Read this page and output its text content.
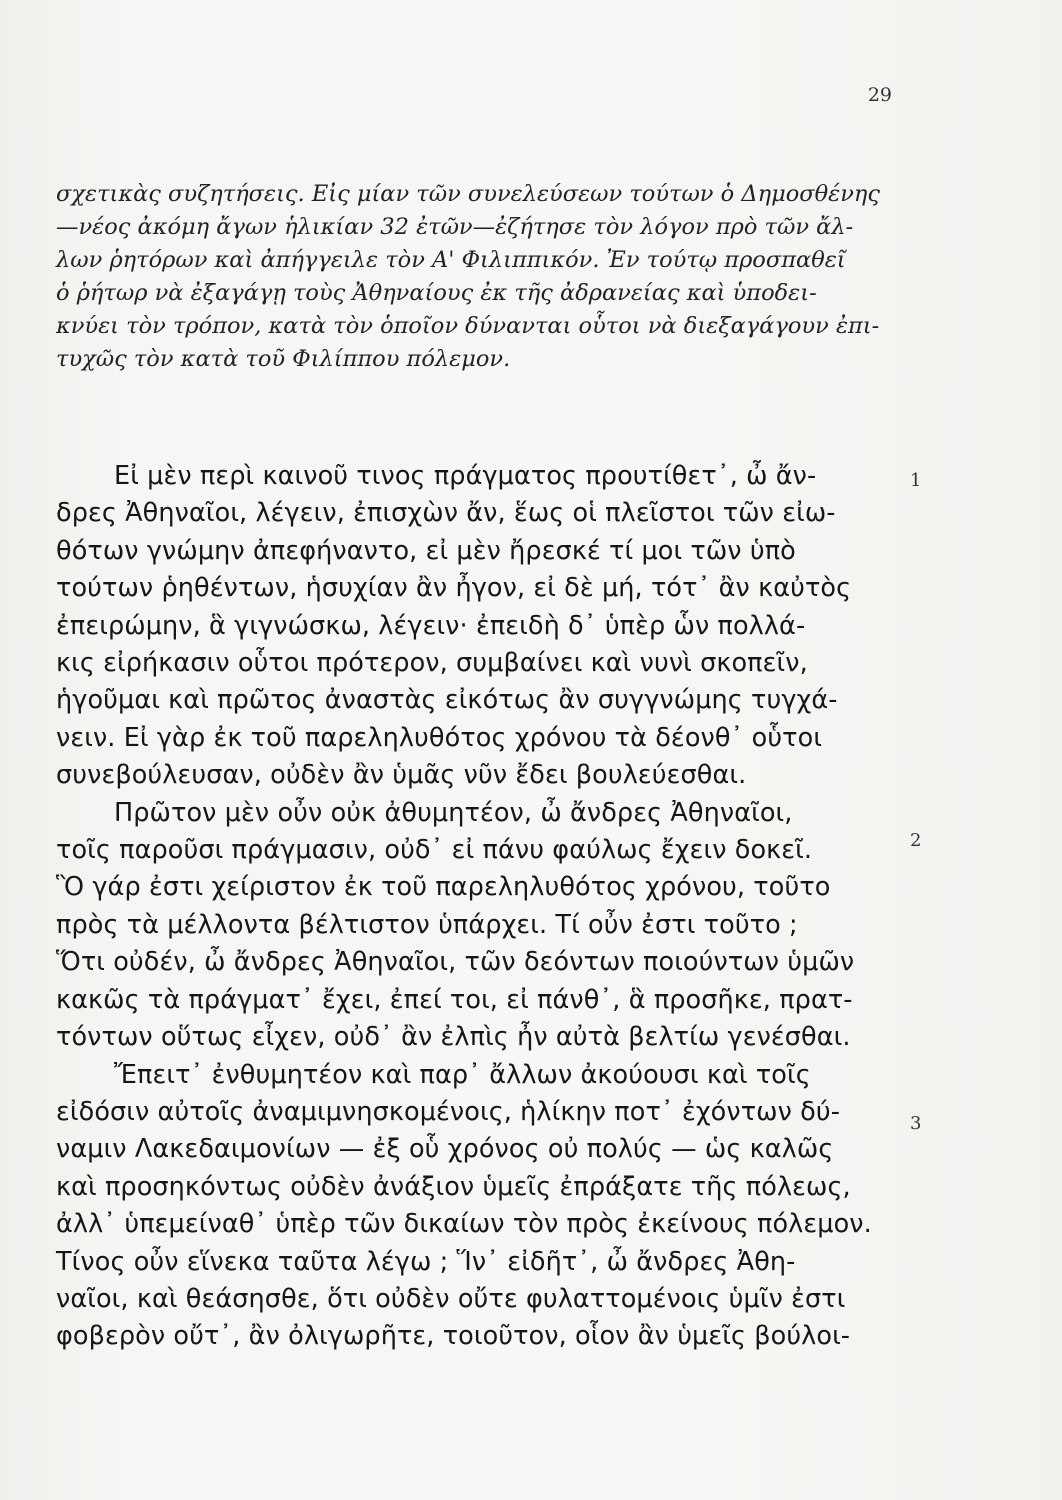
29
σχετικὰς συζητήσεις. Εἰς μίαν τῶν συνελεύσεων τούτων ὁ Δημοσθένης
—νέος ἀκόμη ἄγων ἡλικίαν 32 ἐτῶν—ἐζήτησε τὸν λόγον πρὸ τῶν ἄλ-
λων ῥητόρων καὶ ἀπήγγειλε τὸν Α' Φιλιππικόν. Ἐν τούτῳ προσπαθεῖ
ὁ ῥήτωρ νὰ ἐξαγάγῃ τοὺς Ἀθηναίους ἐκ τῆς ἀδρανείας καὶ ὑποδει-
κνύει τὸν τρόπον, κατὰ τὸν ὁποῖον δύνανται οὗτοι νὰ διεξαγάγουν ἐπι-
τυχῶς τὸν κατὰ τοῦ Φιλίππου πόλεμον.
Εἰ μὲν περὶ καινοῦ τινος πράγματος προυτίθετ᾽, ὦ ἄν-
δρες Ἀθηναῖοι, λέγειν, ἐπισχὼν ἄν, ἕως οἱ πλεῖστοι τῶν εἰω-
θότων γνώμην ἀπεφήναντο, εἰ μὲν ἤρεσκέ τί μοι τῶν ὑπὸ
τούτων ῥηθέντων, ἡσυχίαν ἂν ἦγον, εἰ δὲ μή, τότ᾽ ἂν καὐτὸς
ἐπειρώμην, ἃ γιγνώσκω, λέγειν· ἐπειδὴ δ᾽ ὑπὲρ ὧν πολλά-
κις εἰρήκασιν οὗτοι πρότερον, συμβαίνει καὶ νυνὶ σκοπεῖν,
ἡγοῦμαι καὶ πρῶτος ἀναστὰς εἰκότως ἂν συγγνώμης τυγχά-
νειν. Εἰ γὰρ ἐκ τοῦ παρεληλυθότος χρόνου τὰ δέονθ᾽ οὗτοι
συνεβούλευσαν, οὐδὲν ἂν ὑμᾶς νῦν ἔδει βουλεύεσθαι.
Πρῶτον μὲν οὖν οὐκ ἀθυμητέον, ὦ ἄνδρες Ἀθηναῖοι,
τοῖς παροῦσι πράγμασιν, οὐδ᾽ εἰ πάνυ φαύλως ἔχειν δοκεῖ.
Ὃ γάρ ἐστι χείριστον ἐκ τοῦ παρεληλυθότος χρόνου, τοῦτο
πρὸς τὰ μέλλοντα βέλτιστον ὑπάρχει. Τί οὖν ἐστι τοῦτο ;
Ὅτι οὐδέν, ὦ ἄνδρες Ἀθηναῖοι, τῶν δεόντων ποιούντων ὑμῶν
κακῶς τὰ πράγματ᾽ ἔχει, ἐπεί τοι, εἰ πάνθ᾽, ἃ προσῆκε, πρατ-
τόντων οὕτως εἶχεν, οὐδ᾽ ἂν ἐλπὶς ἦν αὐτὰ βελτίω γενέσθαι.
Ἔπειτ᾽ ἐνθυμητέον καὶ παρ᾽ ἄλλων ἀκούουσι καὶ τοῖς
εἰδόσιν αὐτοῖς ἀναμιμνησκομένοις, ἡλίκην ποτ᾽ ἐχόντων δύ-
ναμιν Λακεδαιμονίων — ἐξ οὗ χρόνος οὐ πολύς — ὡς καλῶς
καὶ προσηκόντως οὐδὲν ἀνάξιον ὑμεῖς ἐπράξατε τῆς πόλεως,
ἀλλ᾽ ὑπεμείναθ᾽ ὑπὲρ τῶν δικαίων τὸν πρὸς ἐκείνους πόλεμον.
Τίνος οὖν εἵνεκα ταῦτα λέγω ; Ἵν᾽ εἰδῆτ᾽, ὦ ἄνδρες Ἀθη-
ναῖοι, καὶ θεάσησθε, ὅτι οὐδὲν οὔτε φυλαττομένοις ὑμῖν ἐστι
φοβερὸν οὔτ᾽, ἂν ὀλιγωρῆτε, τοιοῦτον, οἷον ἂν ὑμεῖς βούλοι-
1
2
3
